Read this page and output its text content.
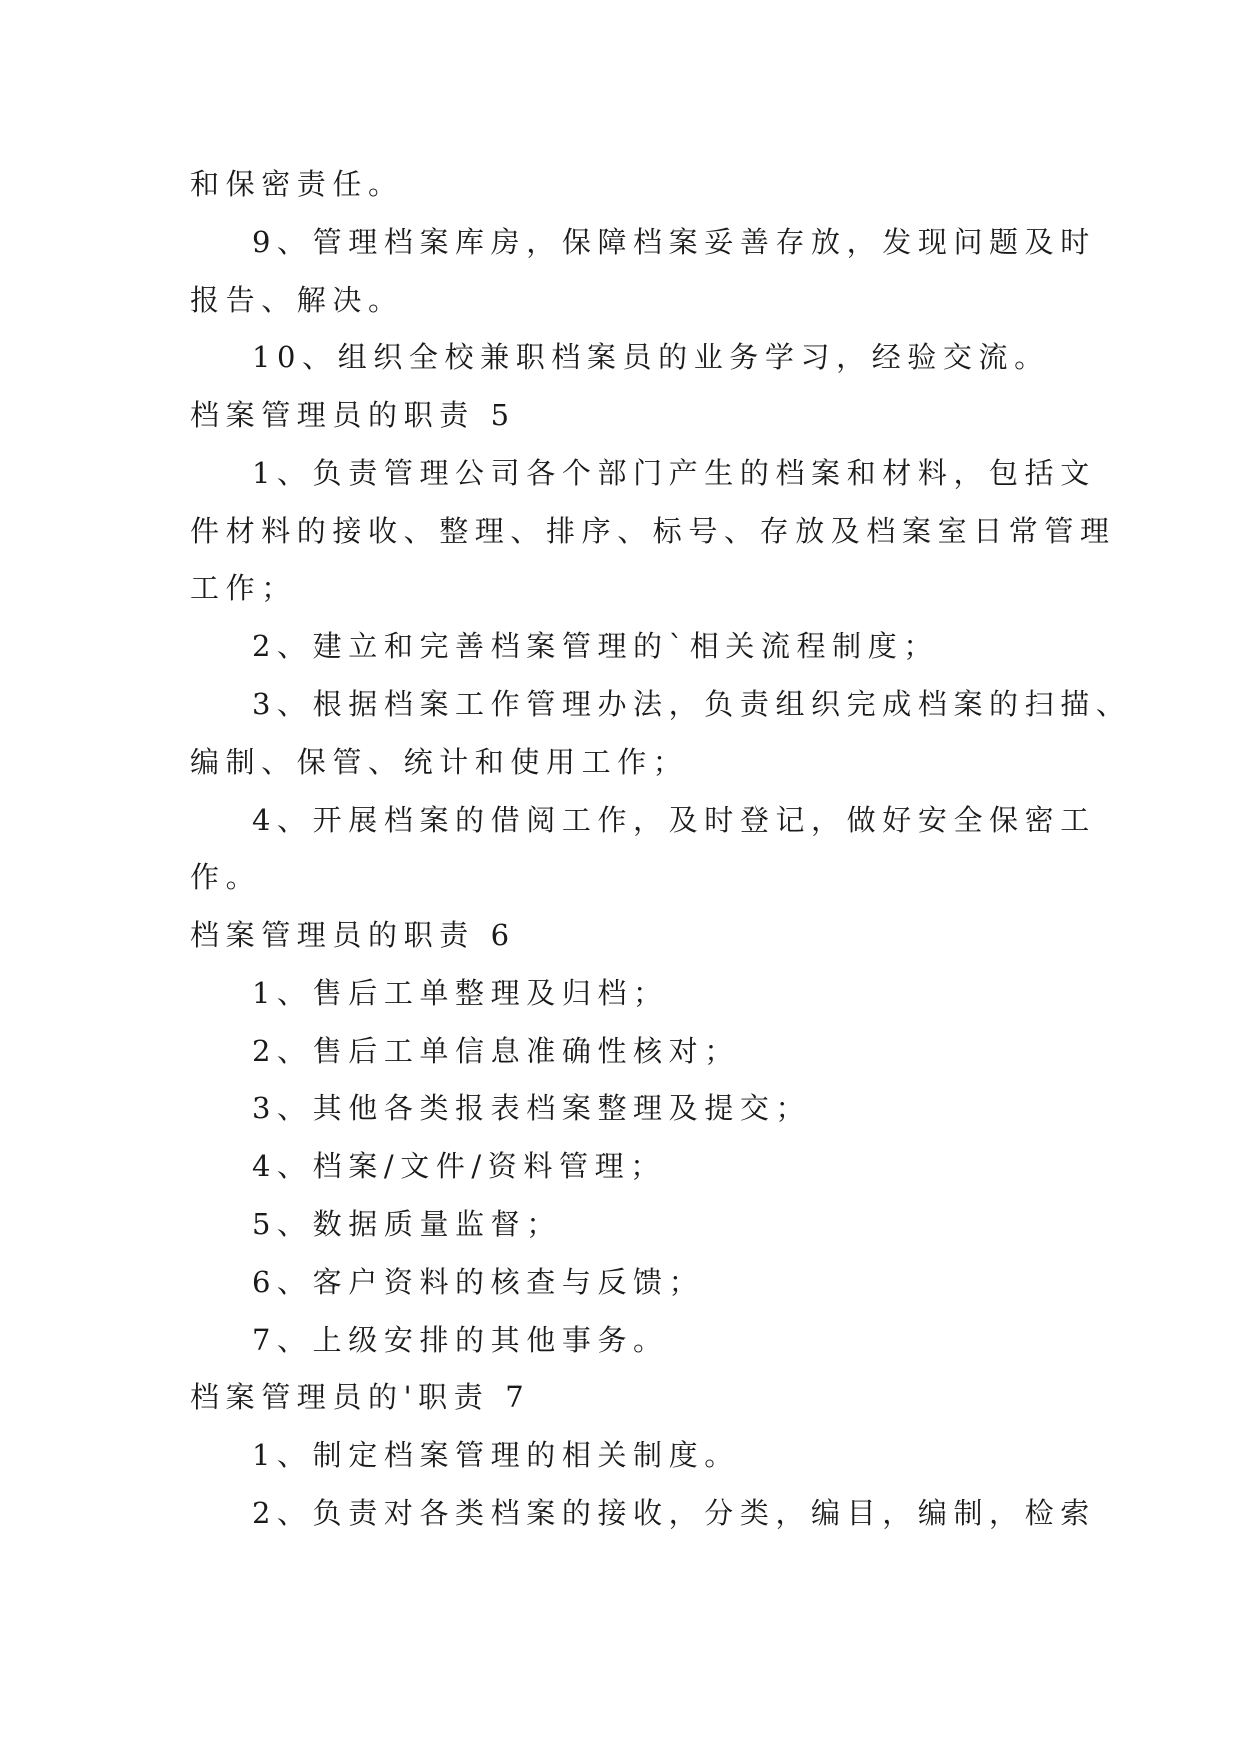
和保密责任。
9、管理档案库房，保障档案妥善存放，发现问题及时
报告、解决。
10、组织全校兼职档案员的业务学习，经验交流。
档案管理员的职责 5
1、负责管理公司各个部门产生的档案和材料，包括文
件材料的接收、整理、排序、标号、存放及档案室日常管理
工作；
2、建立和完善档案管理的`相关流程制度；
3、根据档案工作管理办法，负责组织完成档案的扫描、
编制、保管、统计和使用工作；
4、开展档案的借阅工作，及时登记，做好安全保密工
作。
档案管理员的职责 6
1、售后工单整理及归档；
2、售后工单信息准确性核对；
3、其他各类报表档案整理及提交；
4、档案/文件/资料管理；
5、数据质量监督；
6、客户资料的核查与反馈；
7、上级安排的其他事务。
档案管理员的'职责 7
1、制定档案管理的相关制度。
2、负责对各类档案的接收，分类，编目，编制，检索
